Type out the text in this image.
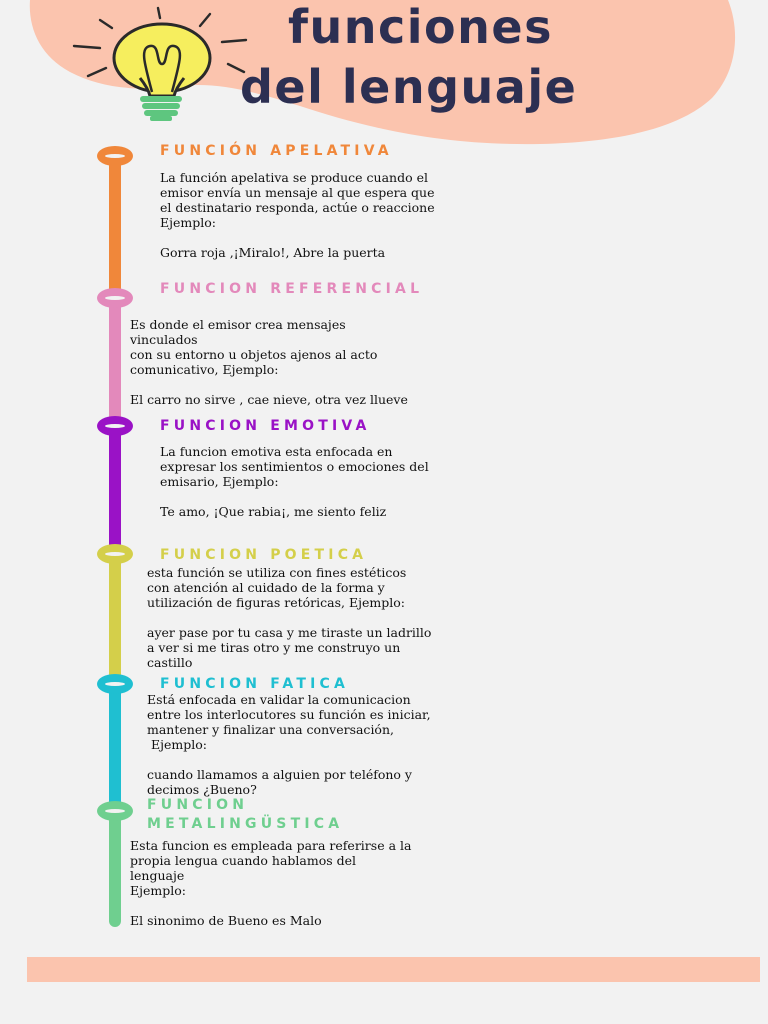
funciones
del lenguaje
FUNCIÓN APELATIVA

La función apelativa se produce cuando el

emisor envía un mensaje al que espera que

el destinatario responda, actúe o reaccione

Ejemplo:

Gorra roja ,¡Miralo!, Abre la puerta

FUNCION REFERENCIAL

Es donde el emisor crea mensajes

vinculados

con su entorno u objetos ajenos al acto

comunicativo, Ejemplo:

El carro no sirve , cae nieve, otra vez llueve

FUNCION EMOTIVA

La funcion emotiva esta enfocada en

expresar los sentimientos o emociones del

emisario, Ejemplo:

Te amo, ¡Que rabia¡, me siento feliz

FUNCION POETICA

esta función se utiliza con fines estéticos

con atención al cuidado de la forma y

utilización de figuras retóricas, Ejemplo:

ayer pase por tu casa y me tiraste un ladrillo

a ver si me tiras otro y me construyo un

castillo

FUNCION FATICA

Está enfocada en validar la comunicacion

entre los interlocutores su función es iniciar,

mantener y finalizar una conversación,

Ejemplo:

cuando llamamos a alguien por teléfono y

decimos ¿Bueno?

FUNCION
METALINGÜSTICA

Esta funcion es empleada para referirse a la

propia lengua cuando hablamos del

lenguaje

Ejemplo:

El sinonimo de Bueno es Malo
